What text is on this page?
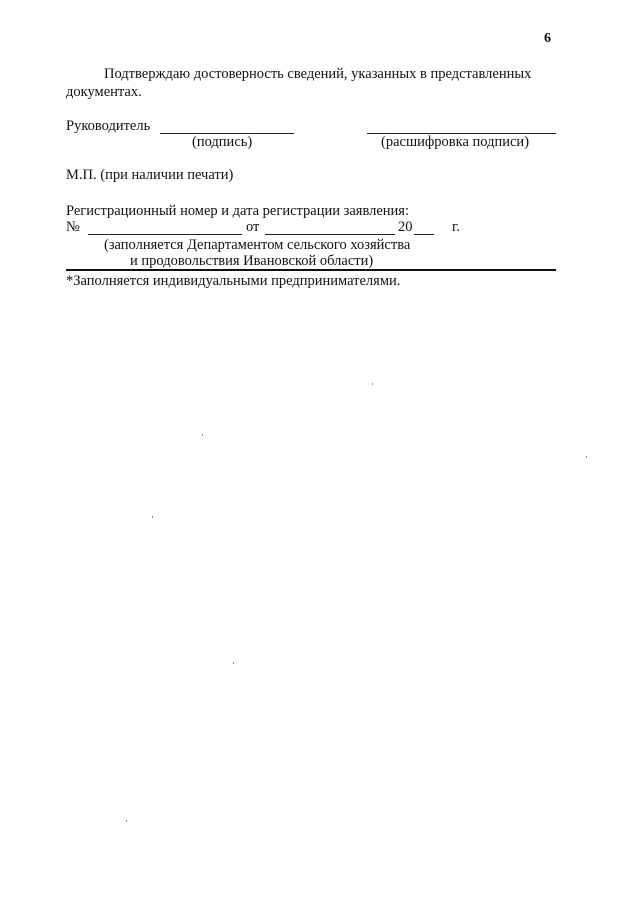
6
Подтверждаю достоверность сведений, указанных в представленных
документах.
Руководитель
(подпись)	(расшифровка подписи)
М.П. (при наличии печати)
Регистрационный номер и дата регистрации заявления:
№	от	20	г.
(заполняется Департаментом сельского хозяйства
и продовольствия Ивановской области)
*Заполняется индивидуальными предпринимателями.
